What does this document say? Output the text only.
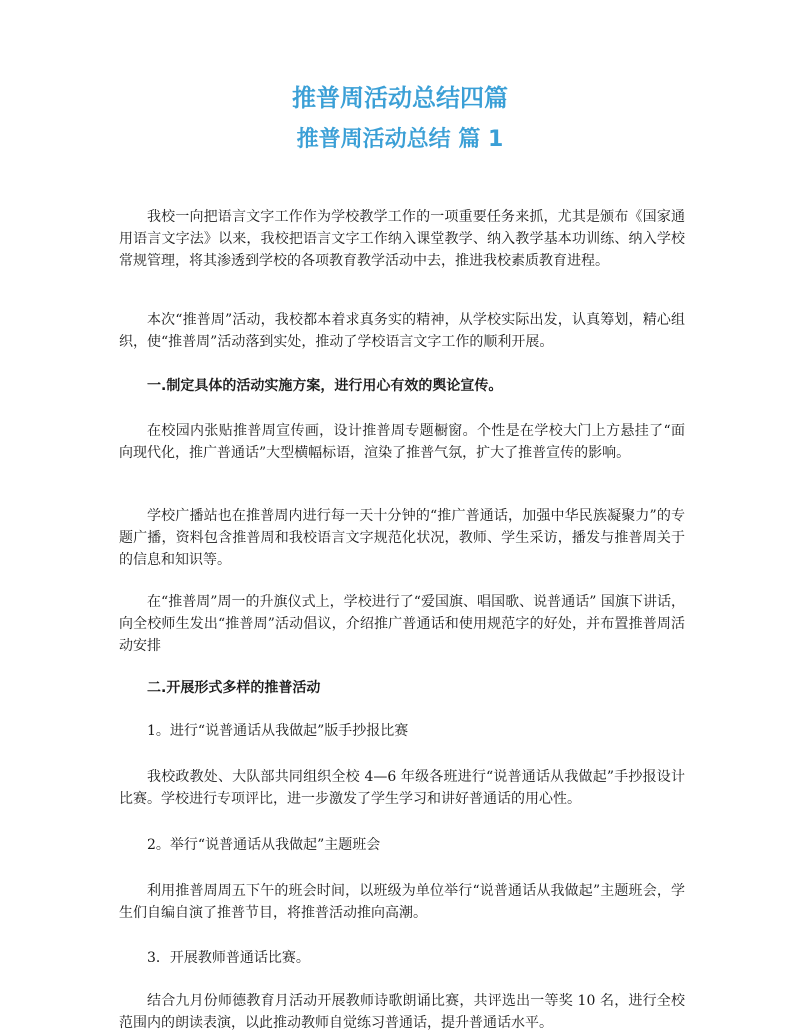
推普周活动总结四篇
推普周活动总结 篇 1

我校一向把语言文字工作作为学校教学工作的一项重要任务来抓，尤其是颁布《国家通用语言文字法》以来，我校把语言文字工作纳入课堂教学、纳入教学基本功训练、纳入学校常规管理，将其渗透到学校的各项教育教学活动中去，推进我校素质教育进程。

本次“推普周”活动，我校都本着求真务实的精神，从学校实际出发，认真筹划，精心组织，使“推普周”活动落到实处，推动了学校语言文字工作的顺利开展。

一.制定具体的活动实施方案，进行用心有效的舆论宣传。

在校园内张贴推普周宣传画，设计推普周专题橱窗。个性是在学校大门上方悬挂了“面向现代化，推广普通话”大型横幅标语，渲染了推普气氛，扩大了推普宣传的影响。

学校广播站也在推普周内进行每一天十分钟的“推广普通话，加强中华民族凝聚力”的专题广播，资料包含推普周和我校语言文字规范化状况，教师、学生采访，播发与推普周关于的信息和知识等。

在“推普周”周一的升旗仪式上，学校进行了“爱国旗、唱国歌、说普通话” 国旗下讲话，向全校师生发出“推普周”活动倡议，介绍推广普通话和使用规范字的好处，并布置推普周活动安排

二.开展形式多样的推普活动

1。进行“说普通话从我做起”版手抄报比赛

我校政教处、大队部共同组织全校 4—6 年级各班进行“说普通话从我做起”手抄报设计比赛。学校进行专项评比，进一步激发了学生学习和讲好普通话的用心性。

2。举行“说普通话从我做起”主题班会

利用推普周周五下午的班会时间，以班级为单位举行“说普通话从我做起”主题班会，学生们自编自演了推普节目，将推普活动推向高潮。

3．开展教师普通话比赛。

结合九月份师德教育月活动开展教师诗歌朗诵比赛，共评选出一等奖 10 名，进行全校范围内的朗读表演，以此推动教师自觉练习普通话，提升普通话水平。
